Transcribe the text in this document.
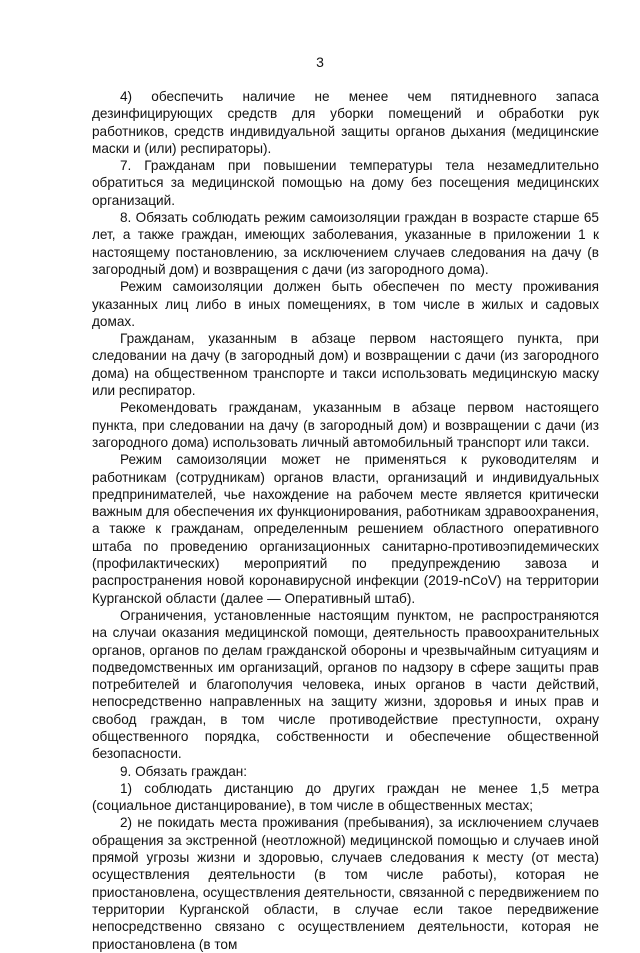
3

4) обеспечить наличие не менее чем пятидневного запаса дезинфицирующих средств для уборки помещений и обработки рук работников, средств индивидуальной защиты органов дыхания (медицинские маски и (или) респираторы).

7. Гражданам при повышении температуры тела незамедлительно обратиться за медицинской помощью на дому без посещения медицинских организаций.

8. Обязать соблюдать режим самоизоляции граждан в возрасте старше 65 лет, а также граждан, имеющих заболевания, указанные в приложении 1 к настоящему постановлению, за исключением случаев следования на дачу (в загородный дом) и возвращения с дачи (из загородного дома).

Режим самоизоляции должен быть обеспечен по месту проживания указанных лиц либо в иных помещениях, в том числе в жилых и садовых домах.

Гражданам, указанным в абзаце первом настоящего пункта, при следовании на дачу (в загородный дом) и возвращении с дачи (из загородного дома) на общественном транспорте и такси использовать медицинскую маску или респиратор.

Рекомендовать гражданам, указанным в абзаце первом настоящего пункта, при следовании на дачу (в загородный дом) и возвращении с дачи (из загородного дома) использовать личный автомобильный транспорт или такси.

Режим самоизоляции может не применяться к руководителям и работникам (сотрудникам) органов власти, организаций и индивидуальных предпринимателей, чье нахождение на рабочем месте является критически важным для обеспечения их функционирования, работникам здравоохранения, а также к гражданам, определенным решением областного оперативного штаба по проведению организационных санитарно-противоэпидемических (профилактических) мероприятий по предупреждению завоза и распространения новой коронавирусной инфекции (2019-nCoV) на территории Курганской области (далее — Оперативный штаб).

Ограничения, установленные настоящим пунктом, не распространяются на случаи оказания медицинской помощи, деятельность правоохранительных органов, органов по делам гражданской обороны и чрезвычайным ситуациям и подведомственных им организаций, органов по надзору в сфере защиты прав потребителей и благополучия человека, иных органов в части действий, непосредственно направленных на защиту жизни, здоровья и иных прав и свобод граждан, в том числе противодействие преступности, охрану общественного порядка, собственности и обеспечение общественной безопасности.

9. Обязать граждан:

1) соблюдать дистанцию до других граждан не менее 1,5 метра (социальное дистанцирование), в том числе в общественных местах;

2) не покидать места проживания (пребывания), за исключением случаев обращения за экстренной (неотложной) медицинской помощью и случаев иной прямой угрозы жизни и здоровью, случаев следования к месту (от места) осуществления деятельности (в том числе работы), которая не приостановлена, осуществления деятельности, связанной с передвижением по территории Курганской области, в случае если такое передвижение непосредственно связано с осуществлением деятельности, которая не приостановлена (в том
